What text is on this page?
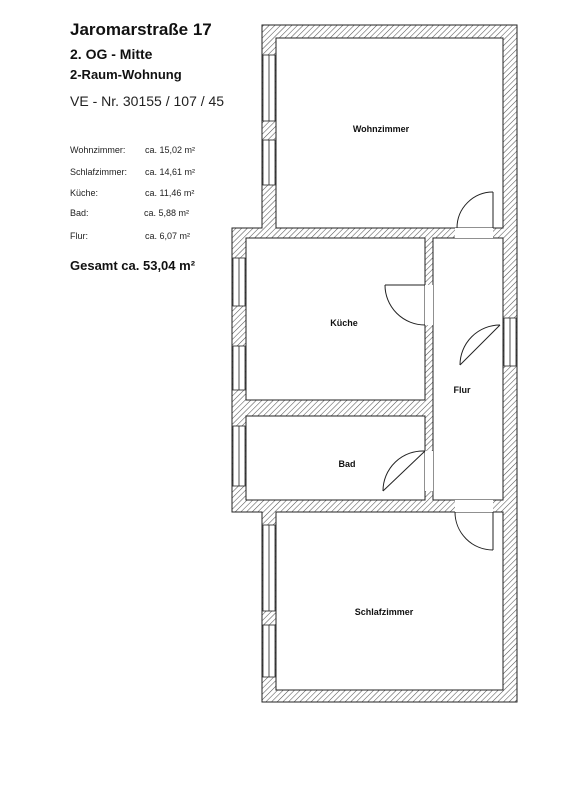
Jaromarstraße 17
2. OG - Mitte
2-Raum-Wohnung
VE - Nr. 30155 / 107 / 45
Wohnzimmer: ca. 15,02 m²
Schlafzimmer: ca. 14,61 m²
Küche:	ca. 11,46 m²
Bad:	ca. 5,88 m²
Flur:	ca. 6,07 m²
Gesamt ca. 53,04 m²
Wohnzimmer
Küche
Flur
Bad
Schlafzimmer
